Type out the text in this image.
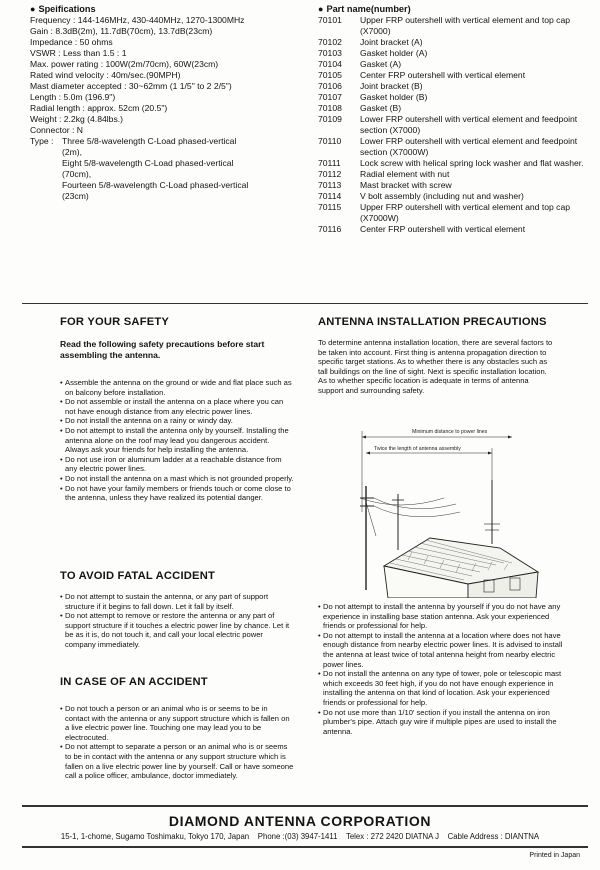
● Speifications
Frequency : 144-146MHz, 430-440MHz, 1270-1300MHz
Gain : 8.3dB(2m), 11.7dB(70cm), 13.7dB(23cm)
Impedance : 50 ohms
VSWR : Less than 1.5 : 1
Max. power rating : 100W(2m/70cm), 60W(23cm)
Rated wind velocity : 40m/sec.(90MPH)
Mast diameter accepted : 30~62mm (1 1/5" to 2 2/5")
Length : 5.0m (196.9")
Radial length : approx. 52cm (20.5")
Weight : 2.2kg (4.84lbs.)
Connector : N
Type : Three 5/8-wavelength C-Load phased-vertical
(2m),
Eight 5/8-wavelength C-Load phased-vertical
(70cm),
Fourteen 5/8-wavelength C-Load phased-vertical
(23cm)
● Part name(number)
70101	Upper FRP outershell with vertical element and top cap (X7000)
70102	Joint bracket (A)
70103	Gasket holder (A)
70104	Gasket (A)
70105	Center FRP outershell with vertical element
70106	Joint bracket (B)
70107	Gasket holder (B)
70108	Gasket (B)
70109	Lower FRP outershell with vertical element and feedpoint section (X7000)
70110	Lower FRP outershell with vertical element and feedpoint section (X7000W)
70111	Lock screw with helical spring lock washer and flat washer.
70112	Radial element with nut
70113	Mast bracket with screw
70114	V bolt assembly (including nut and washer)
70115	Upper FRP outershell with vertical element and top cap (X7000W)
70116	Center FRP outershell with vertical element
FOR YOUR SAFETY
Read the following safety precautions before start assembling the antenna.
• Assemble the antenna on the ground or wide and flat place such as on balcony before installation.
• Do not assemble or install the antenna on a place where you can not have enough distance from any electric power lines.
• Do not install the antenna on a rainy or windy day.
• Do not attempt to install the antenna only by yourself. Installing the antenna alone on the roof may lead you dangerous accident. Always ask your friends for help installing the antenna.
• Do not use iron or aluminum ladder at a reachable distance from any electric power lines.
• Do not install the antenna on a mast which is not grounded properly.
• Do not have your family members or friends touch or come close to the antenna, unless they have realized its potential danger.
TO AVOID FATAL ACCIDENT
• Do not attempt to sustain the antenna, or any part of support structure if it begins to fall down. Let it fall by itself.
• Do not attempt to remove or restore the antenna or any part of support structure if it touches a electric power line by chance. Let it be as it is, do not touch it, and call your local electric power company immediately.
IN CASE OF AN ACCIDENT
• Do not touch a person or an animal who is or seems to be in contact with the antenna or any support structure which is fallen on a live electric power line. Touching one may lead you to be electrocuted.
• Do not attempt to separate a person or an animal who is or seems to be in contact with the antenna or any support structure which is fallen on a live electric power line by yourself. Call or have someone call a police officer, ambulance, doctor immediately.
ANTENNA INSTALLATION PRECAUTIONS
To determine antenna installation location, there are several factors to be taken into account. First thing is antenna propagation direction to specific target stations. As to whether there is any obstacles such as tall buildings on the line of sight. Next is specific installation location. As to whether specific location is adequate in terms of antenna support and surrounding safety.
Minimum distance to power lines
Twice the length of antenna assembly
• Do not attempt to install the antenna by yourself if you do not have any experience in installing base station antenna. Ask your experienced friends or professional for help.
• Do not attempt to install the antenna at a location where does not have enough distance from nearby electric power lines. It is advised to install the antenna at least twice of total antenna height from nearby electric power lines.
• Do not install the antenna on any type of tower, pole or telescopic mast which exceeds 30 feet high, if you do not have enough experience in installing the antenna on that kind of location. Ask your experienced friends or professional for help.
• Do not use more than 1/10' section if you install the antenna on iron plumber's pipe. Attach guy wire if multiple pipes are used to install the antenna.
DIAMOND ANTENNA CORPORATION
15-1, 1-chome, Sugamo Toshimaku, Tokyo 170, Japan Phone :(03) 3947-1411 Telex : 272 2420 DIATNA J Cable Address : DIANTNA
Printed in Japan
